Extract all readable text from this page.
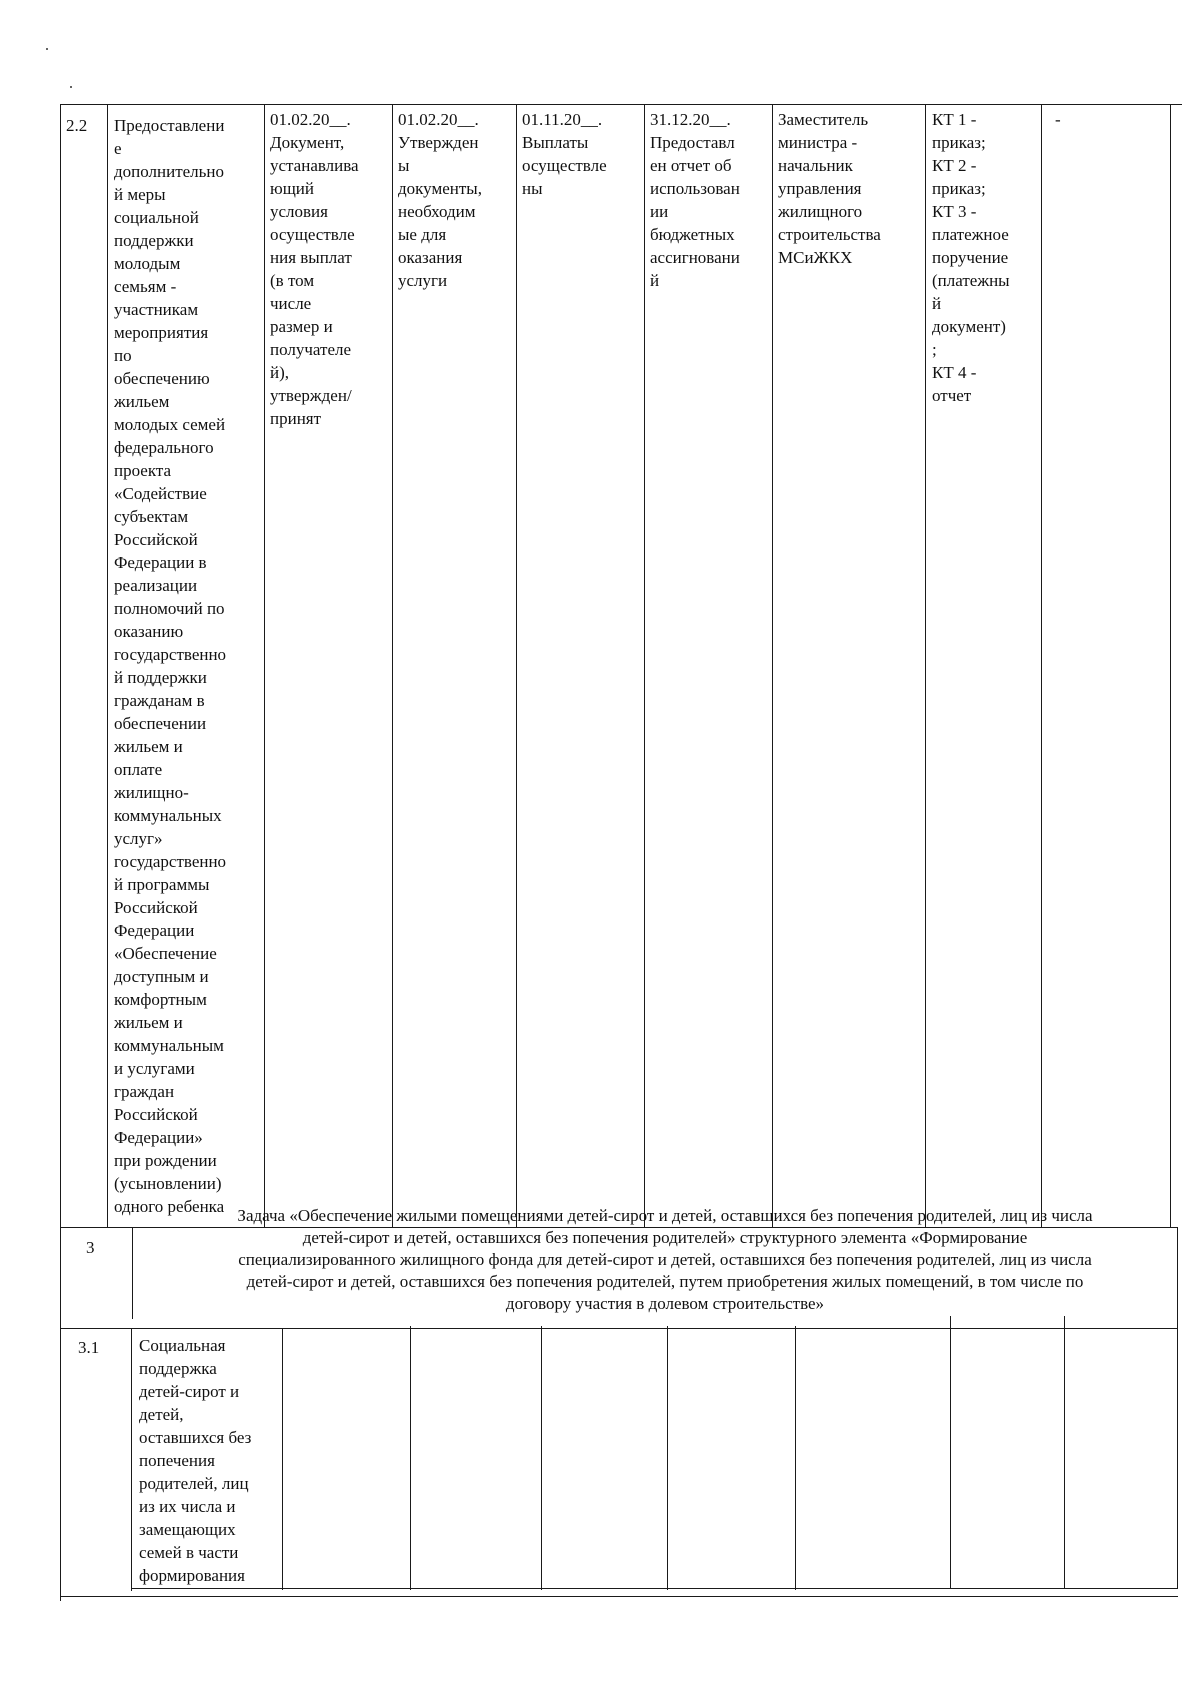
2.2	Предоставлени
е
дополнительно
й меры
социальной
поддержки
молодым
семьям -
участникам
мероприятия
по
обеспечению
жильем
молодых семей
федерального
проекта
«Содействие
субъектам
Российской
Федерации в
реализации
полномочий по
оказанию
государственно
й поддержки
гражданам в
обеспечении
жильем и
оплате
жилищно-
коммунальных
услуг»
государственно
й программы
Российской
Федерации
«Обеспечение
доступным и
комфортным
жильем и
коммунальным
и услугами
граждан
Российской
Федерации»
при рождении
(усыновлении)
одного ребенка
01.02.20__.
Документ,
устанавлива
ющий
условия
осуществле
ния выплат
(в том
числе
размер и
получателе
й),
утвержден/
принят
01.02.20__.
Утвержден
ы
документы,
необходим
ые для
оказания
услуги
01.11.20__.
Выплаты
осуществле
ны
31.12.20__.
Предоставл
ен отчет об
использован
ии
бюджетных
ассигновани
й
Заместитель
министра -
начальник
управления
жилищного
строительства
МСиЖКХ
КТ 1 -
приказ;
КТ 2 -
приказ;
КТ 3 -
платежное
поручение
(платежны
й
документ)
;
КТ 4 -
отчет
-
3
Задача «Обеспечение жилыми помещениями детей-сирот и детей, оставшихся без попечения родителей, лиц из числа
детей-сирот и детей, оставшихся без попечения родителей» структурного элемента «Формирование
специализированного жилищного фонда для детей-сирот и детей, оставшихся без попечения родителей, лиц из числа
детей-сирот и детей, оставшихся без попечения родителей, путем приобретения жилых помещений, в том числе по
договору участия в долевом строительстве»
3.1	Социальная
поддержка
детей-сирот и
детей,
оставшихся без
попечения
родителей, лиц
из их числа и
замещающих
семей в части
формирования
